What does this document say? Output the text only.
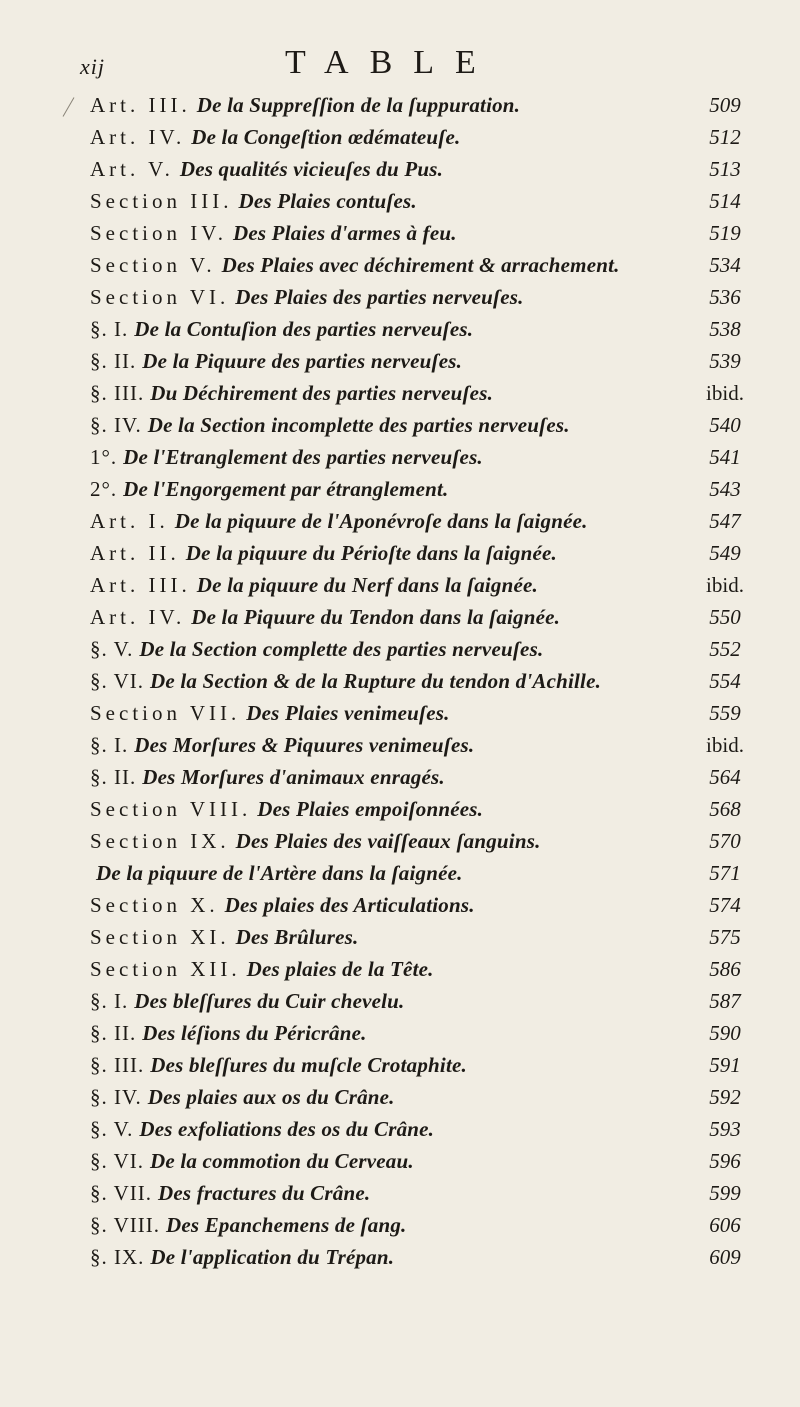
xij	TABLE
Art. III. De la Suppreſſion de la ſuppuration.	509
Art. IV. De la Congeſtion œdémateuſe.	512
Art. V. Des qualités vicieuſes du Pus.	513
Section III. Des Plaies contuſes.	514
Section IV. Des Plaies d'armes à feu.	519
Section V. Des Plaies avec déchirement & arrachement.	534
Section VI. Des Plaies des parties nerveuſes.	536
§. I. De la Contuſion des parties nerveuſes.	538
§. II. De la Piquure des parties nerveuſes.	539
§. III. Du Déchirement des parties nerveuſes.	ibid.
§. IV. De la Section incomplette des parties nerveuſes.	540
1°. De l'Etranglement des parties nerveuſes.	541
2°. De l'Engorgement par étranglement.	543
Art. I. De la piquure de l'Aponévroſe dans la ſaignée.	547
Art. II. De la piquure du Périoſte dans la ſaignée.	549
Art. III. De la piquure du Nerf dans la ſaignée.	ibid.
Art. IV. De la Piquure du Tendon dans la ſaignée.	550
§. V. De la Section complette des parties nerveuſes.	552
§. VI. De la Section & de la Rupture du tendon d'Achille.	554
Section VII. Des Plaies venimeuſes.	559
§. I. Des Morſures & Piquures venimeuſes.	ibid.
§. II. Des Morſures d'animaux enragés.	564
Section VIII. Des Plaies empoiſonnées.	568
Section IX. Des Plaies des vaiſſeaux ſanguins.	570
De la piquure de l'Artère dans la ſaignée.	571
Section X. Des plaies des Articulations.	574
Section XI. Des Brûlures.	575
Section XII. Des plaies de la Tête.	586
§. I. Des bleſſures du Cuir chevelu.	587
§. II. Des léſions du Péricrâne.	590
§. III. Des bleſſures du muſcle Crotaphite.	591
§. IV. Des plaies aux os du Crâne.	592
§. V. Des exfoliations des os du Crâne.	593
§. VI. De la commotion du Cerveau.	596
§. VII. Des fractures du Crâne.	599
§. VIII. Des Epanchemens de ſang.	606
§. IX. De l'application du Trépan.	609
